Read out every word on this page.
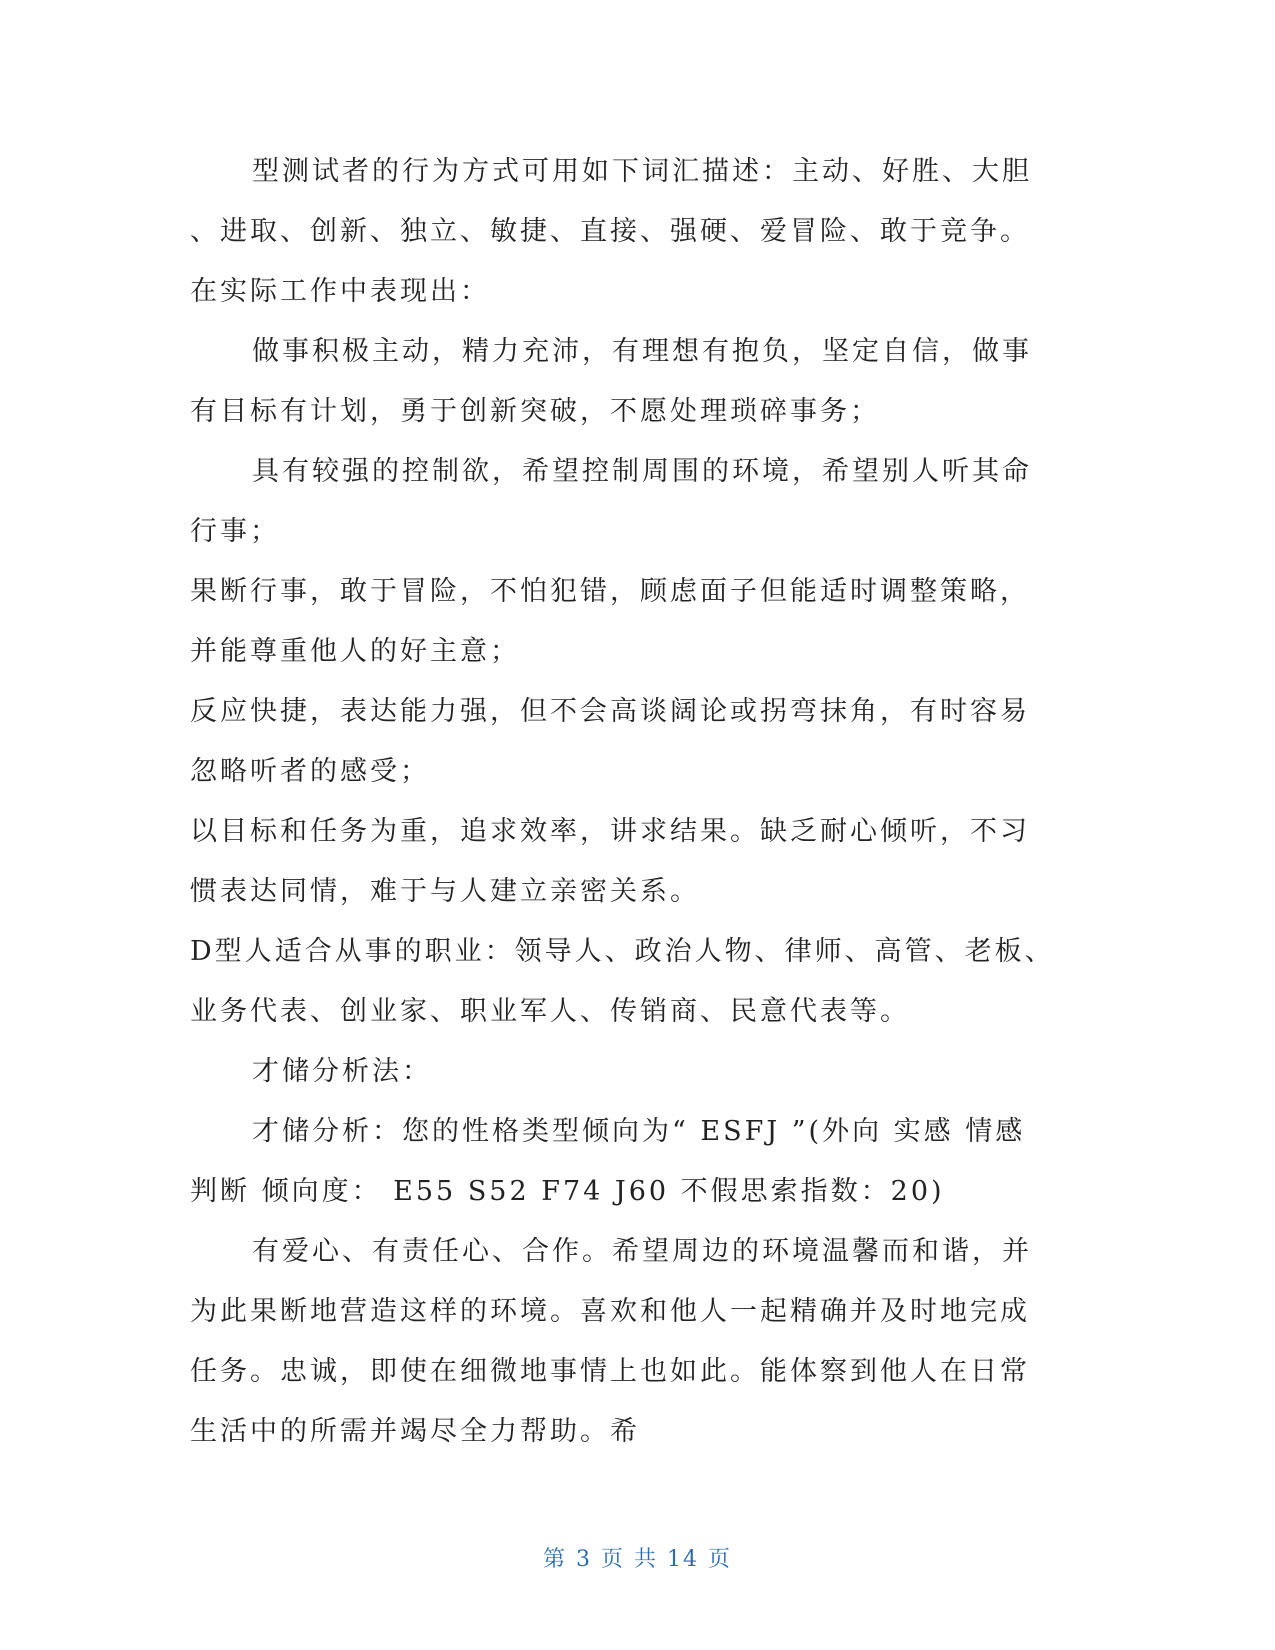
型测试者的行为方式可用如下词汇描述：主动、好胜、大胆
、进取、创新、独立、敏捷、直接、强硬、爱冒险、敢于竞争。
在实际工作中表现出：
做事积极主动，精力充沛，有理想有抱负，坚定自信，做事
有目标有计划，勇于创新突破，不愿处理琐碎事务；
具有较强的控制欲，希望控制周围的环境，希望别人听其命
行事；
果断行事，敢于冒险，不怕犯错，顾虑面子但能适时调整策略，
并能尊重他人的好主意；
反应快捷，表达能力强，但不会高谈阔论或拐弯抹角，有时容易
忽略听者的感受；
以目标和任务为重，追求效率，讲求结果。缺乏耐心倾听，不习
惯表达同情，难于与人建立亲密关系。
D型人适合从事的职业：领导人、政治人物、律师、高管、老板、
业务代表、创业家、职业军人、传销商、民意代表等。
才储分析法：
才储分析：您的性格类型倾向为“ ESFJ ”(外向 实感 情感
判断 倾向度： E55 S52 F74 J60 不假思索指数：20)
有爱心、有责任心、合作。希望周边的环境温馨而和谐，并
为此果断地营造这样的环境。喜欢和他人一起精确并及时地完成
任务。忠诚，即使在细微地事情上也如此。能体察到他人在日常
生活中的所需并竭尽全力帮助。希
第 3 页 共 14 页
